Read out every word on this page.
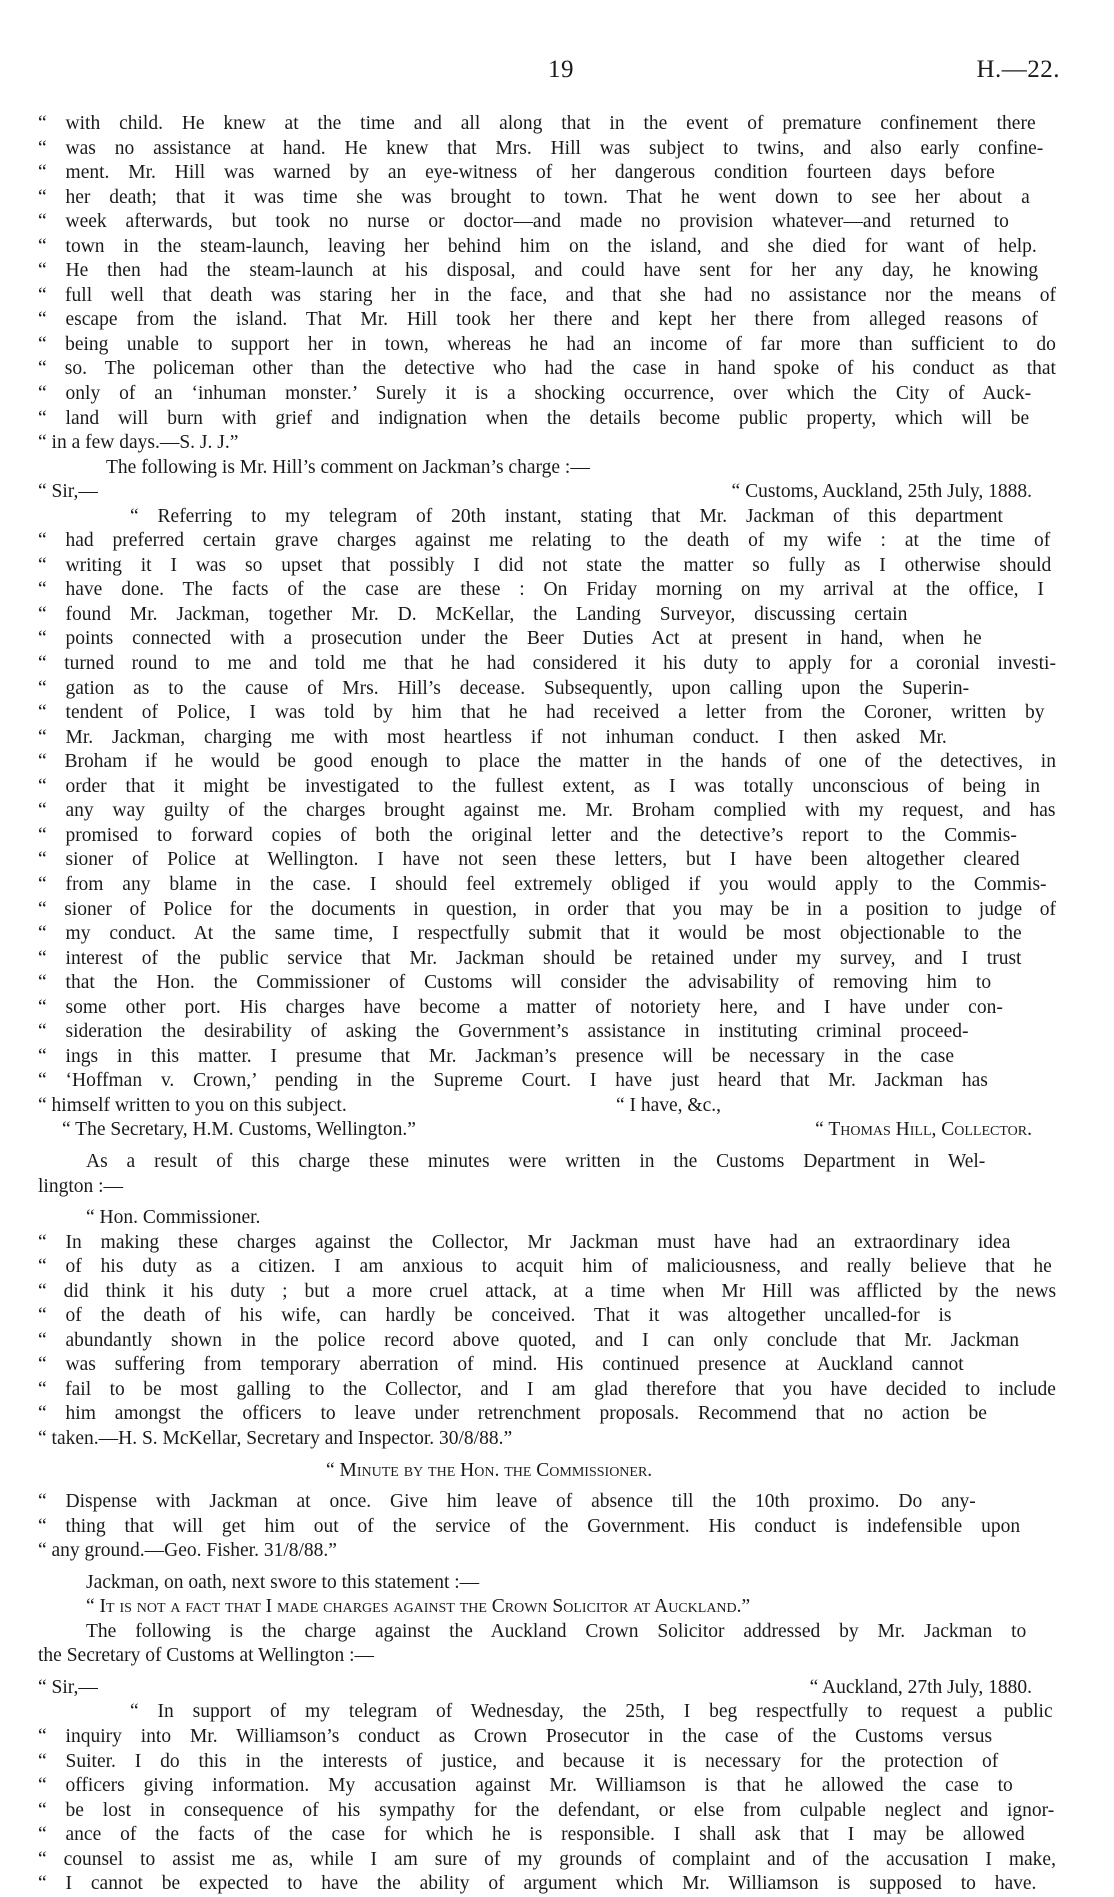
19	H.—22.
“ with child. He knew at the time and all along that in the event of premature confinement there
“ was no assistance at hand. He knew that Mrs. Hill was subject to twins, and also early confine-
“ ment. Mr. Hill was warned by an eye-witness of her dangerous condition fourteen days before
“ her death; that it was time she was brought to town. That he went down to see her about a
“ week afterwards, but took no nurse or doctor—and made no provision whatever—and returned to
“ town in the steam-launch, leaving her behind him on the island, and she died for want of help.
“ He then had the steam-launch at his disposal, and could have sent for her any day, he knowing
“ full well that death was staring her in the face, and that she had no assistance nor the means of
“ escape from the island. That Mr. Hill took her there and kept her there from alleged reasons of
“ being unable to support her in town, whereas he had an income of far more than sufficient to do
“ so. The policeman other than the detective who had the case in hand spoke of his conduct as that
“ only of an ‘inhuman monster.’ Surely it is a shocking occurrence, over which the City of Auck-
“ land will burn with grief and indignation when the details become public property, which will be
“ in a few days.—S. J. J.”
The following is Mr. Hill’s comment on Jackman’s charge :—
“ Sir,—	“ Customs, Auckland, 25th July, 1888.
“ Referring to my telegram of 20th instant, stating that Mr. Jackman of this department
“ had preferred certain grave charges against me relating to the death of my wife : at the time of
“ writing it I was so upset that possibly I did not state the matter so fully as I otherwise should
“ have done. The facts of the case are these : On Friday morning on my arrival at the office, I
“ found Mr. Jackman, together Mr. D. McKellar, the Landing Surveyor, discussing certain
“ points connected with a prosecution under the Beer Duties Act at present in hand, when he
“ turned round to me and told me that he had considered it his duty to apply for a coronial investi-
“ gation as to the cause of Mrs. Hill’s decease. Subsequently, upon calling upon the Superin-
“ tendent of Police, I was told by him that he had received a letter from the Coroner, written by
“ Mr. Jackman, charging me with most heartless if not inhuman conduct. I then asked Mr.
“ Broham if he would be good enough to place the matter in the hands of one of the detectives, in
“ order that it might be investigated to the fullest extent, as I was totally unconscious of being in
“ any way guilty of the charges brought against me. Mr. Broham complied with my request, and has
“ promised to forward copies of both the original letter and the detective’s report to the Commis-
“ sioner of Police at Wellington. I have not seen these letters, but I have been altogether cleared
“ from any blame in the case. I should feel extremely obliged if you would apply to the Commis-
“ sioner of Police for the documents in question, in order that you may be in a position to judge of
“ my conduct. At the same time, I respectfully submit that it would be most objectionable to the
“ interest of the public service that Mr. Jackman should be retained under my survey, and I trust
“ that the Hon. the Commissioner of Customs will consider the advisability of removing him to
“ some other port. His charges have become a matter of notoriety here, and I have under con-
“ sideration the desirability of asking the Government’s assistance in instituting criminal proceed-
“ ings in this matter. I presume that Mr. Jackman’s presence will be necessary in the case
“ ‘Hoffman v. Crown,’ pending in the Supreme Court. I have just heard that Mr. Jackman has
“ himself written to you on this subject.	“ I have, &c.,
“ The Secretary, H.M. Customs, Wellington.”	“ Thomas Hill, Collector.
As a result of this charge these minutes were written in the Customs Department in Wel-
lington :—
“ Hon. Commissioner.
“ In making these charges against the Collector, Mr Jackman must have had an extraordinary idea
“ of his duty as a citizen. I am anxious to acquit him of maliciousness, and really believe that he
“ did think it his duty ; but a more cruel attack, at a time when Mr Hill was afflicted by the news
“ of the death of his wife, can hardly be conceived. That it was altogether uncalled-for is
“ abundantly shown in the police record above quoted, and I can only conclude that Mr. Jackman
“ was suffering from temporary aberration of mind. His continued presence at Auckland cannot
“ fail to be most galling to the Collector, and I am glad therefore that you have decided to include
“ him amongst the officers to leave under retrenchment proposals. Recommend that no action be
“ taken.—H. S. McKellar, Secretary and Inspector. 30/8/88.”
“ Minute by the Hon. the Commissioner.
“ Dispense with Jackman at once. Give him leave of absence till the 10th proximo. Do any-
“ thing that will get him out of the service of the Government. His conduct is indefensible upon
“ any ground.—Geo. Fisher. 31/8/88.”
Jackman, on oath, next swore to this statement :—
“ It is not a fact that I made charges against the Crown Solicitor at Auckland.”
The following is the charge against the Auckland Crown Solicitor addressed by Mr. Jackman to
the Secretary of Customs at Wellington :—
“ Sir,—	“ Auckland, 27th July, 1880.
“ In support of my telegram of Wednesday, the 25th, I beg respectfully to request a public
“ inquiry into Mr. Williamson’s conduct as Crown Prosecutor in the case of the Customs versus
“ Suiter. I do this in the interests of justice, and because it is necessary for the protection of
“ officers giving information. My accusation against Mr. Williamson is that he allowed the case to
“ be lost in consequence of his sympathy for the defendant, or else from culpable neglect and ignor-
“ ance of the facts of the case for which he is responsible. I shall ask that I may be allowed
“ counsel to assist me as, while I am sure of my grounds of complaint and of the accusation I make,
“ I cannot be expected to have the ability of argument which Mr. Williamson is supposed to have.
